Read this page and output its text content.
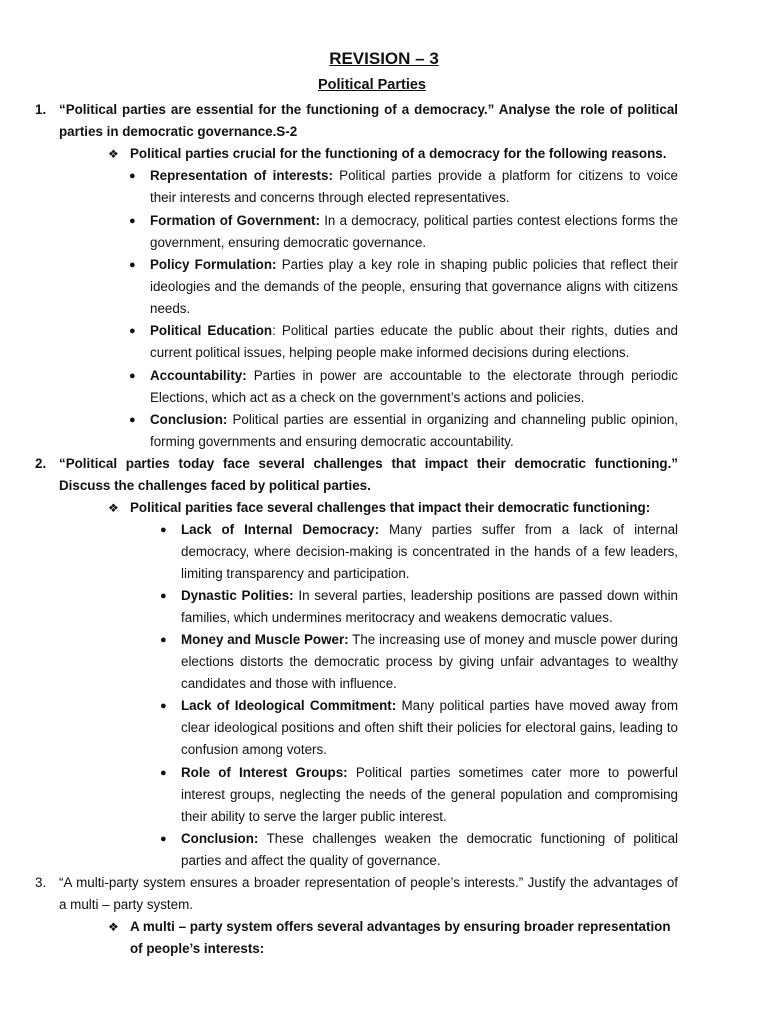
REVISION – 3
Political Parties
1. “Political parties are essential for the functioning of a democracy.” Analyse the role of political parties in democratic governance.S-2
❖ Political parties crucial for the functioning of a democracy for the following reasons.
● Representation of interests: Political parties provide a platform for citizens to voice their interests and concerns through elected representatives.
● Formation of Government: In a democracy, political parties contest elections forms the government, ensuring democratic governance.
● Policy Formulation: Parties play a key role in shaping public policies that reflect their ideologies and the demands of the people, ensuring that governance aligns with citizens needs.
● Political Education: Political parties educate the public about their rights, duties and current political issues, helping people make informed decisions during elections.
● Accountability: Parties in power are accountable to the electorate through periodic Elections, which act as a check on the government’s actions and policies.
● Conclusion: Political parties are essential in organizing and channeling public opinion, forming governments and ensuring democratic accountability.
2. “Political parties today face several challenges that impact their democratic functioning.” Discuss the challenges faced by political parties.
❖ Political parities face several challenges that impact their democratic functioning:
● Lack of Internal Democracy: Many parties suffer from a lack of internal democracy, where decision-making is concentrated in the hands of a few leaders, limiting transparency and participation.
● Dynastic Polities: In several parties, leadership positions are passed down within families, which undermines meritocracy and weakens democratic values.
● Money and Muscle Power: The increasing use of money and muscle power during elections distorts the democratic process by giving unfair advantages to wealthy candidates and those with influence.
● Lack of Ideological Commitment: Many political parties have moved away from clear ideological positions and often shift their policies for electoral gains, leading to confusion among voters.
● Role of Interest Groups: Political parties sometimes cater more to powerful interest groups, neglecting the needs of the general population and compromising their ability to serve the larger public interest.
● Conclusion: These challenges weaken the democratic functioning of political parties and affect the quality of governance.
3. “A multi-party system ensures a broader representation of people’s interests.” Justify the advantages of a multi – party system.
❖ A multi – party system offers several advantages by ensuring broader representation of people’s interests:
